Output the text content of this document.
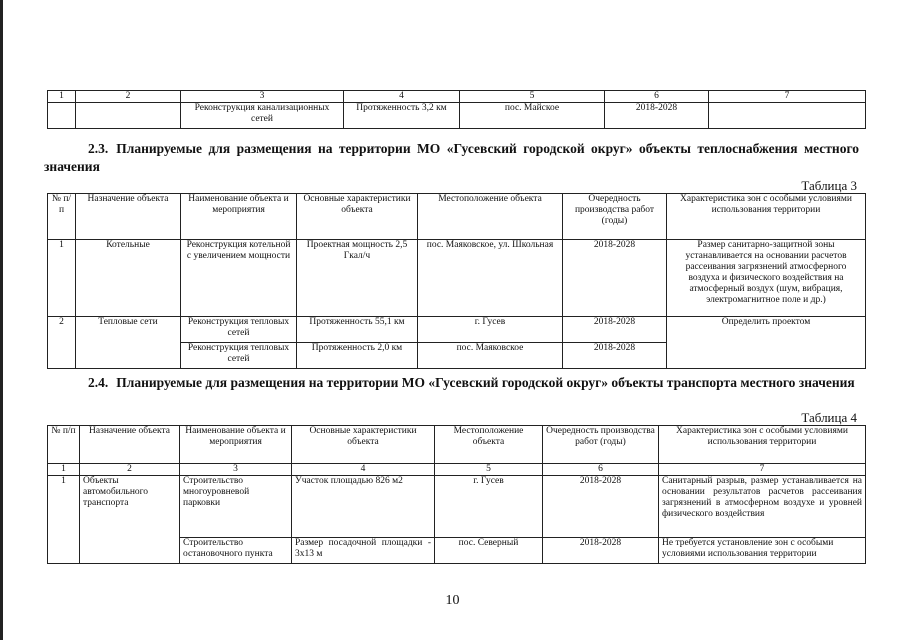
1	2	3	4	5	6	7
		Реконструкция канализационных сетей	Протяженность 3,2 км	пос. Майское	2018-2028	
2.3. Планируемые для размещения на территории МО «Гусевский городской округ» объекты теплоснабжения местного значения
Таблица 3
№ п/п	Назначение объекта	Наименование объекта и мероприятия	Основные характеристики объекта	Местоположение объекта	Очередность производства работ (годы)	Характеристика зон с особыми условиями использования территории
1	Котельные	Реконструкция котельной с увеличением мощности	Проектная мощность 2,5 Гкал/ч	пос. Маяковское, ул. Школьная	2018-2028	Размер санитарно-защитной зоны устанавливается на основании расчетов рассеивания загрязнений атмосферного воздуха и физического воздействия на атмосферный воздух (шум, вибрация, электромагнитное поле и др.)
2	Тепловые сети	Реконструкция тепловых сетей	Протяженность 55,1 км	г. Гусев	2018-2028	Определить проектом
		Реконструкция тепловых сетей	Протяженность 2,0 км	пос. Маяковское	2018-2028	
2.4. Планируемые для размещения на территории МО «Гусевский городской округ» объекты транспорта местного значения
Таблица 4
№ п/п	Назначение объекта	Наименование объекта и мероприятия	Основные характеристики объекта	Местоположение объекта	Очередность производства работ (годы)	Характеристика зон с особыми условиями использования территории
1	2	3	4	5	6	7
1	Объекты автомобильного транспорта	Строительство многоуровневой парковки	Участок площадью 826 м2	г. Гусев	2018-2028	Санитарный разрыв, размер устанавливается на основании результатов расчетов рассеивания загрязнений в атмосферном воздухе и уровней физического воздействия
		Строительство остановочного пункта	Размер посадочной площадки - 3х13 м	пос. Северный	2018-2028	Не требуется установление зон с особыми условиями использования территории
10
